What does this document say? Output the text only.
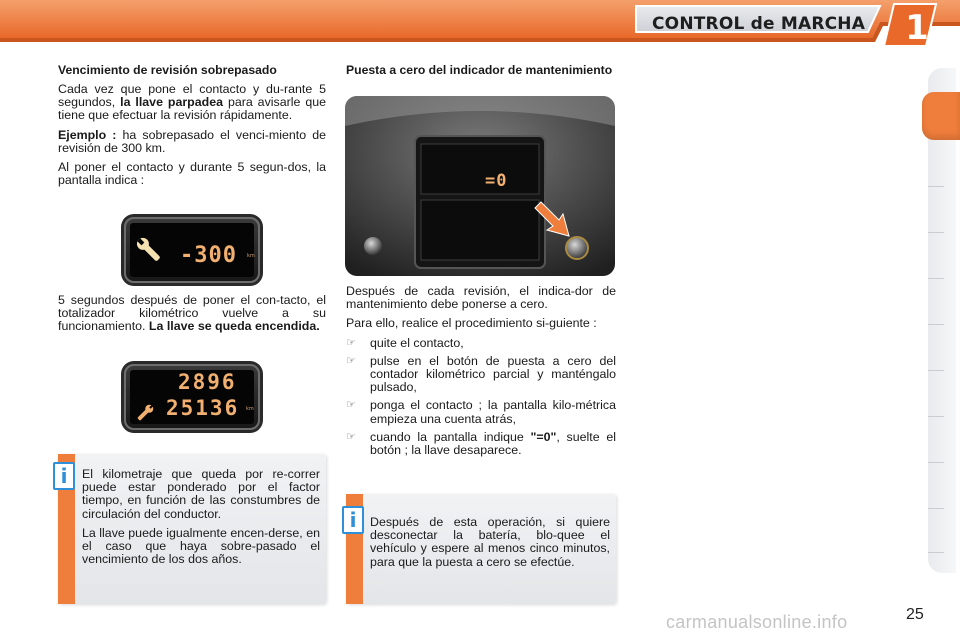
CONTROL de MARCHA 1
Vencimiento de revisión sobrepasado

Cada vez que pone el contacto y du-rante 5 segundos, la llave parpadea para avisarle que tiene que efectuar la revisión rápidamente.

Ejemplo : ha sobrepasado el venci-miento de revisión de 300 km.

Al poner el contacto y durante 5 segun-dos, la pantalla indica :

-300 km

5 segundos después de poner el con-tacto, el totalizador kilométrico vuelve a su funcionamiento. La llave se queda encendida.

2896
25136 km

El kilometraje que queda por re-correr puede estar ponderado por el factor tiempo, en función de las constumbres de circulación del conductor.

La llave puede igualmente encen-derse, en el caso que haya sobre-pasado el vencimiento de los dos años.

i
Puesta a cero del indicador de mantenimiento
=0

Después de cada revisión, el indica-dor de mantenimiento debe ponerse a cero.

Para ello, realice el procedimiento si-guiente :

☞	quite el contacto,
☞	pulse en el botón de puesta a cero del contador kilométrico parcial y manténgalo pulsado,
☞	ponga el contacto ; la pantalla kilo-métrica empieza una cuenta atrás,
☞	cuando la pantalla indique "=0", suelte el botón ; la llave desaparece.

Después de esta operación, si quiere desconectar la batería, blo-quee el vehículo y espere al menos cinco minutos, para que la puesta a cero se efectúe.

i
carmanualsonline.info	25
